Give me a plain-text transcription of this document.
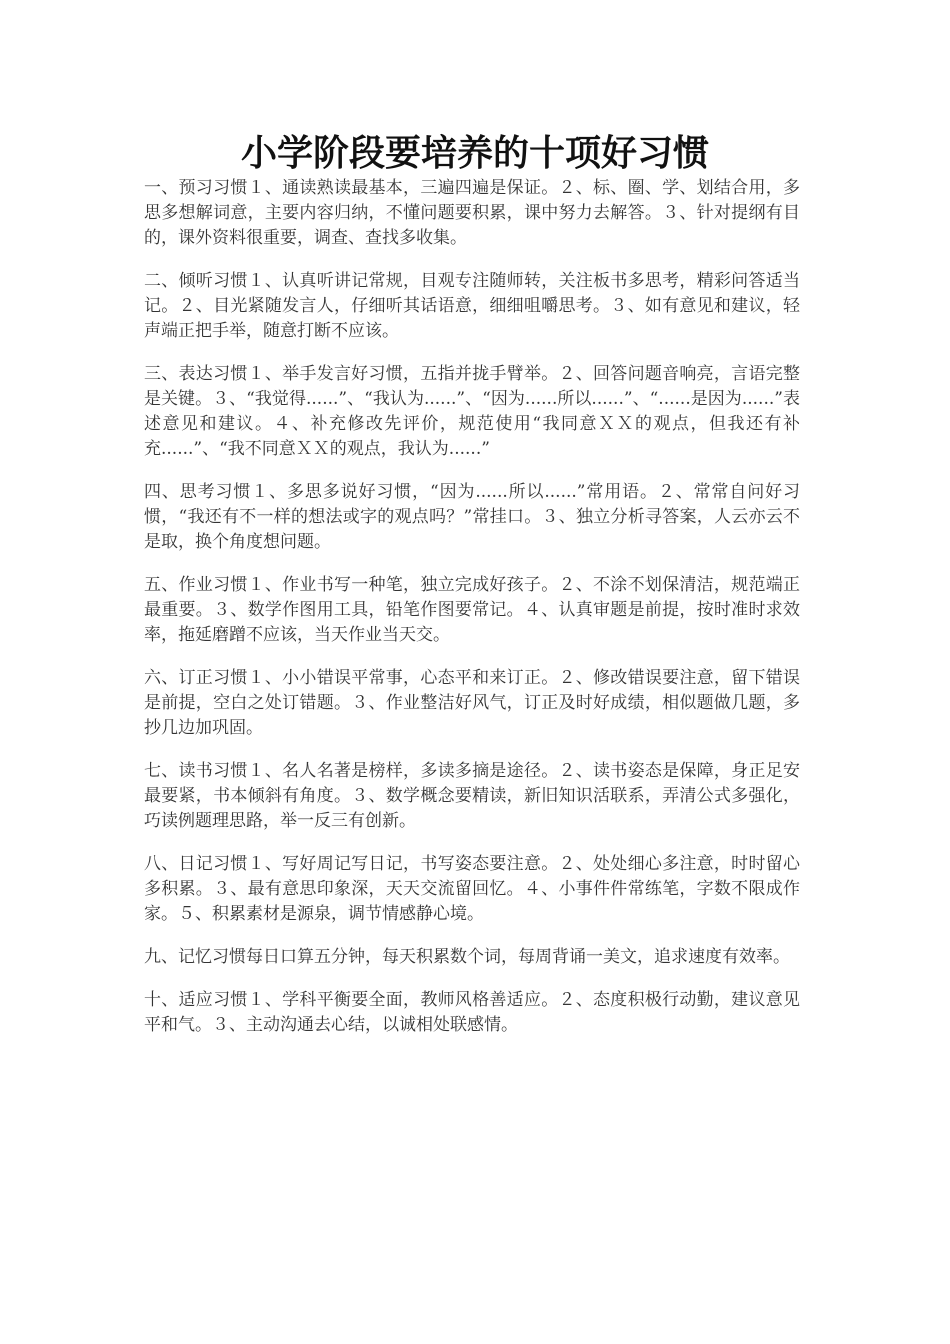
小学阶段要培养的十项好习惯

一、预习习惯１、通读熟读最基本，三遍四遍是保证。２、标、圈、学、划结合用，多思多想解词意，主要内容归纳，不懂问题要积累，课中努力去解答。３、针对提纲有目的，课外资料很重要，调查、查找多收集。

二、倾听习惯１、认真听讲记常规，目观专注随师转，关注板书多思考，精彩问答适当记。２、目光紧随发言人，仔细听其话语意，细细咀嚼思考。３、如有意见和建议，轻声端正把手举，随意打断不应该。

三、表达习惯１、举手发言好习惯，五指并拢手臂举。２、回答问题音响亮，言语完整是关键。３、“我觉得......”、“我认为......”、“因为......所以......”、“......是因为......”表述意见和建议。４、补充修改先评价，规范使用“我同意ＸＸ的观点，但我还有补充......”、“我不同意ＸＸ的观点，我认为......”

四、思考习惯１、多思多说好习惯，“因为......所以......”常用语。２、常常自问好习惯，“我还有不一样的想法或字的观点吗？”常挂口。３、独立分析寻答案，人云亦云不是取，换个角度想问题。

五、作业习惯１、作业书写一种笔，独立完成好孩子。２、不涂不划保清洁，规范端正最重要。３、数学作图用工具，铅笔作图要常记。４、认真审题是前提，按时准时求效率，拖延磨蹭不应该，当天作业当天交。

六、订正习惯１、小小错误平常事，心态平和来订正。２、修改错误要注意，留下错误是前提，空白之处订错题。３、作业整洁好风气，订正及时好成绩，相似题做几题，多抄几边加巩固。

七、读书习惯１、名人名著是榜样，多读多摘是途径。２、读书姿态是保障，身正足安最要紧，书本倾斜有角度。３、数学概念要精读，新旧知识活联系，弄清公式多强化，巧读例题理思路，举一反三有创新。

八、日记习惯１、写好周记写日记，书写姿态要注意。２、处处细心多注意，时时留心多积累。３、最有意思印象深，天天交流留回忆。４、小事件件常练笔，字数不限成作家。５、积累素材是源泉，调节情感静心境。

九、记忆习惯每日口算五分钟，每天积累数个词，每周背诵一美文，追求速度有效率。

十、适应习惯１、学科平衡要全面，教师风格善适应。２、态度积极行动勤，建议意见平和气。３、主动沟通去心结，以诚相处联感情。
